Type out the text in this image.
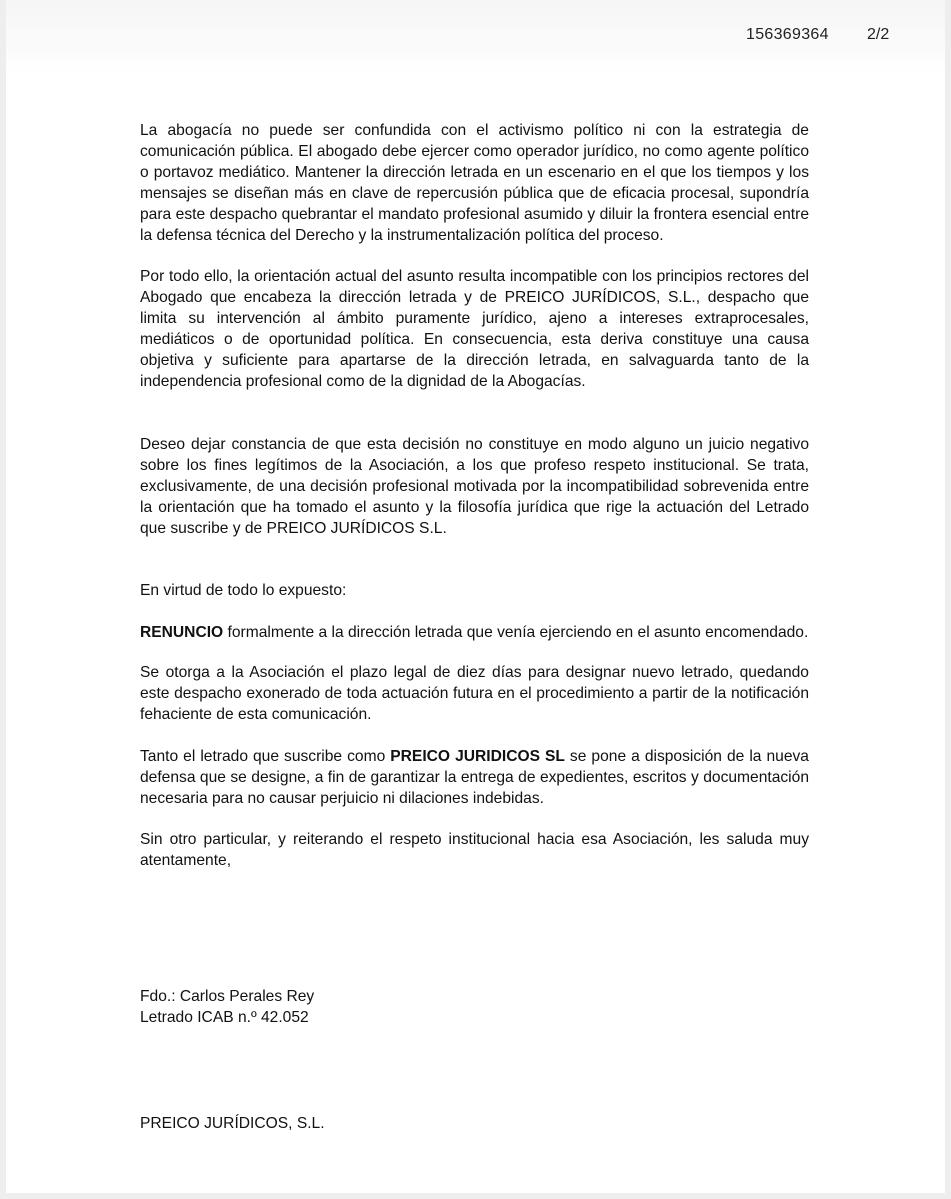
156369364 2/2

La abogacía no puede ser confundida con el activismo político ni con la estrategia de comunicación pública. El abogado debe ejercer como operador jurídico, no como agente político o portavoz mediático. Mantener la dirección letrada en un escenario en el que los tiempos y los mensajes se diseñan más en clave de repercusión pública que de eficacia procesal, supondría para este despacho quebrantar el mandato profesional asumido y diluir la frontera esencial entre la defensa técnica del Derecho y la instrumentalización política del proceso.

Por todo ello, la orientación actual del asunto resulta incompatible con los principios rectores del Abogado que encabeza la dirección letrada y de PREICO JURÍDICOS, S.L., despacho que limita su intervención al ámbito puramente jurídico, ajeno a intereses extraprocesales, mediáticos o de oportunidad política. En consecuencia, esta deriva constituye una causa objetiva y suficiente para apartarse de la dirección letrada, en salvaguarda tanto de la independencia profesional como de la dignidad de la Abogacías.

Deseo dejar constancia de que esta decisión no constituye en modo alguno un juicio negativo sobre los fines legítimos de la Asociación, a los que profeso respeto institucional. Se trata, exclusivamente, de una decisión profesional motivada por la incompatibilidad sobrevenida entre la orientación que ha tomado el asunto y la filosofía jurídica que rige la actuación del Letrado que suscribe y de PREICO JURÍDICOS S.L.

En virtud de todo lo expuesto:

RENUNCIO formalmente a la dirección letrada que venía ejerciendo en el asunto encomendado.

Se otorga a la Asociación el plazo legal de diez días para designar nuevo letrado, quedando este despacho exonerado de toda actuación futura en el procedimiento a partir de la notificación fehaciente de esta comunicación.

Tanto el letrado que suscribe como PREICO JURIDICOS SL se pone a disposición de la nueva defensa que se designe, a fin de garantizar la entrega de expedientes, escritos y documentación necesaria para no causar perjuicio ni dilaciones indebidas.

Sin otro particular, y reiterando el respeto institucional hacia esa Asociación, les saluda muy atentamente,

Fdo.: Carlos Perales Rey
Letrado ICAB n.º 42.052
PREICO JURÍDICOS, S.L.
